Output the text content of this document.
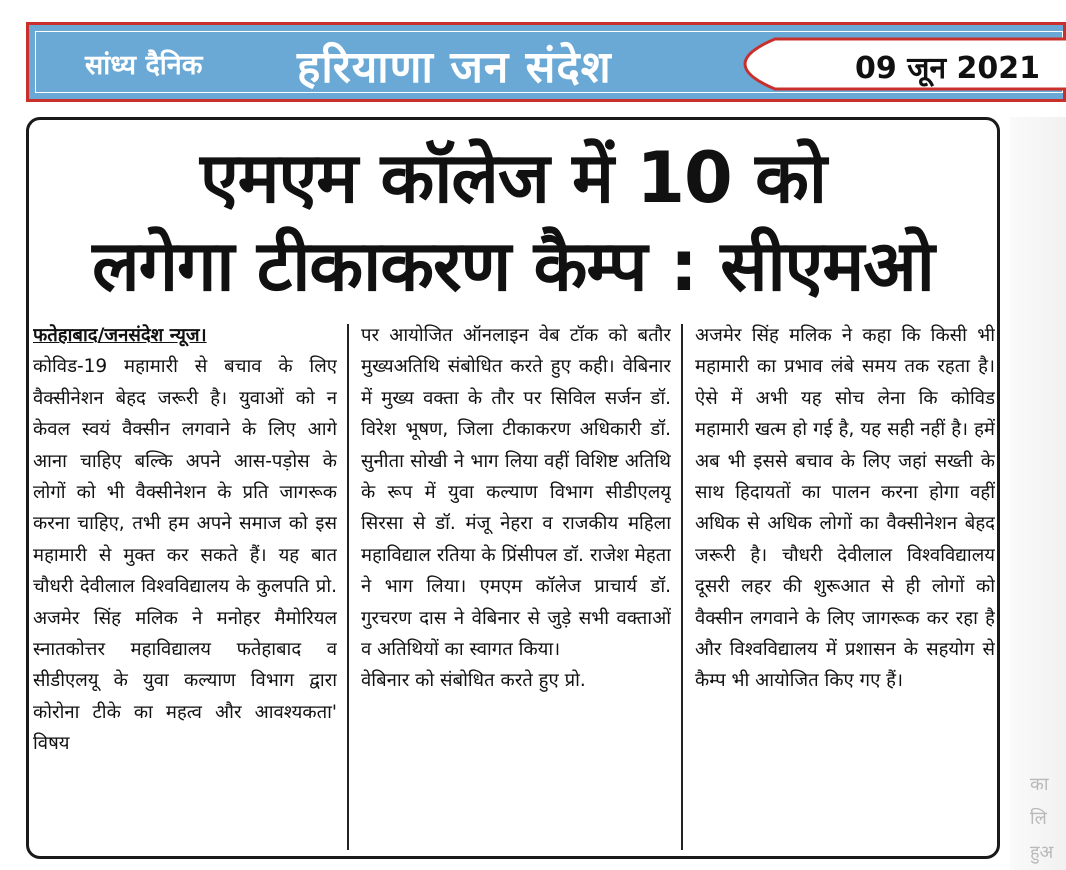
सांध्य दैनिक हरियाणा जन संदेश	09 जून 2021
एमएम कॉलेज में 10 को
लगेगा टीकाकरण कैम्प : सीएमओ

फतेहाबाद/जनसंदेश न्यूज।
कोविड-19 महामारी से बचाव के लिए वैक्सीनेशन बेहद जरूरी है। युवाओं को न केवल स्वयं वैक्सीन लगवाने के लिए आगे आना चाहिए बल्कि अपने आस-पड़ोस के लोगों को भी वैक्सीनेशन के प्रति जागरूक करना चाहिए, तभी हम अपने समाज को इस महामारी से मुक्त कर सकते हैं। यह बात चौधरी देवीलाल विश्वविद्यालय के कुलपति प्रो. अजमेर सिंह मलिक ने मनोहर मैमोरियल स्नातकोत्तर महाविद्यालय फतेहाबाद व सीडीएलयू के युवा कल्याण विभाग द्वारा कोरोना टीके का महत्व और आवश्यकता' विषय

पर आयोजित ऑनलाइन वेब टॉक को बतौर मुख्यअतिथि संबोधित करते हुए कही। वेबिनार में मुख्य वक्ता के तौर पर सिविल सर्जन डॉ. विरेश भूषण, जिला टीकाकरण अधिकारी डॉ. सुनीता सोखी ने भाग लिया वहीं विशिष्ट अतिथि के रूप में युवा कल्याण विभाग सीडीएलयू सिरसा से डॉ. मंजू नेहरा व राजकीय महिला महाविद्याल रतिया के प्रिंसीपल डॉ. राजेश मेहता ने भाग लिया। एमएम कॉलेज प्राचार्य डॉ. गुरचरण दास ने वेबिनार से जुड़े सभी वक्ताओं व अतिथियों का स्वागत किया।

वेबिनार को संबोधित करते हुए प्रो.

अजमेर सिंह मलिक ने कहा कि किसी भी महामारी का प्रभाव लंबे समय तक रहता है। ऐसे में अभी यह सोच लेना कि कोविड महामारी खत्म हो गई है, यह सही नहीं है। हमें अब भी इससे बचाव के लिए जहां सख्ती के साथ हिदायतों का पालन करना होगा वहीं अधिक से अधिक लोगों का वैक्सीनेशन बेहद जरूरी है। चौधरी देवीलाल विश्वविद्यालय दूसरी लहर की शुरूआत से ही लोगों को वैक्सीन लगवाने के लिए जागरूक कर रहा है और विश्वविद्यालय में प्रशासन के सहयोग से कैम्प भी आयोजित किए गए हैं।

का
लि
हुअ
